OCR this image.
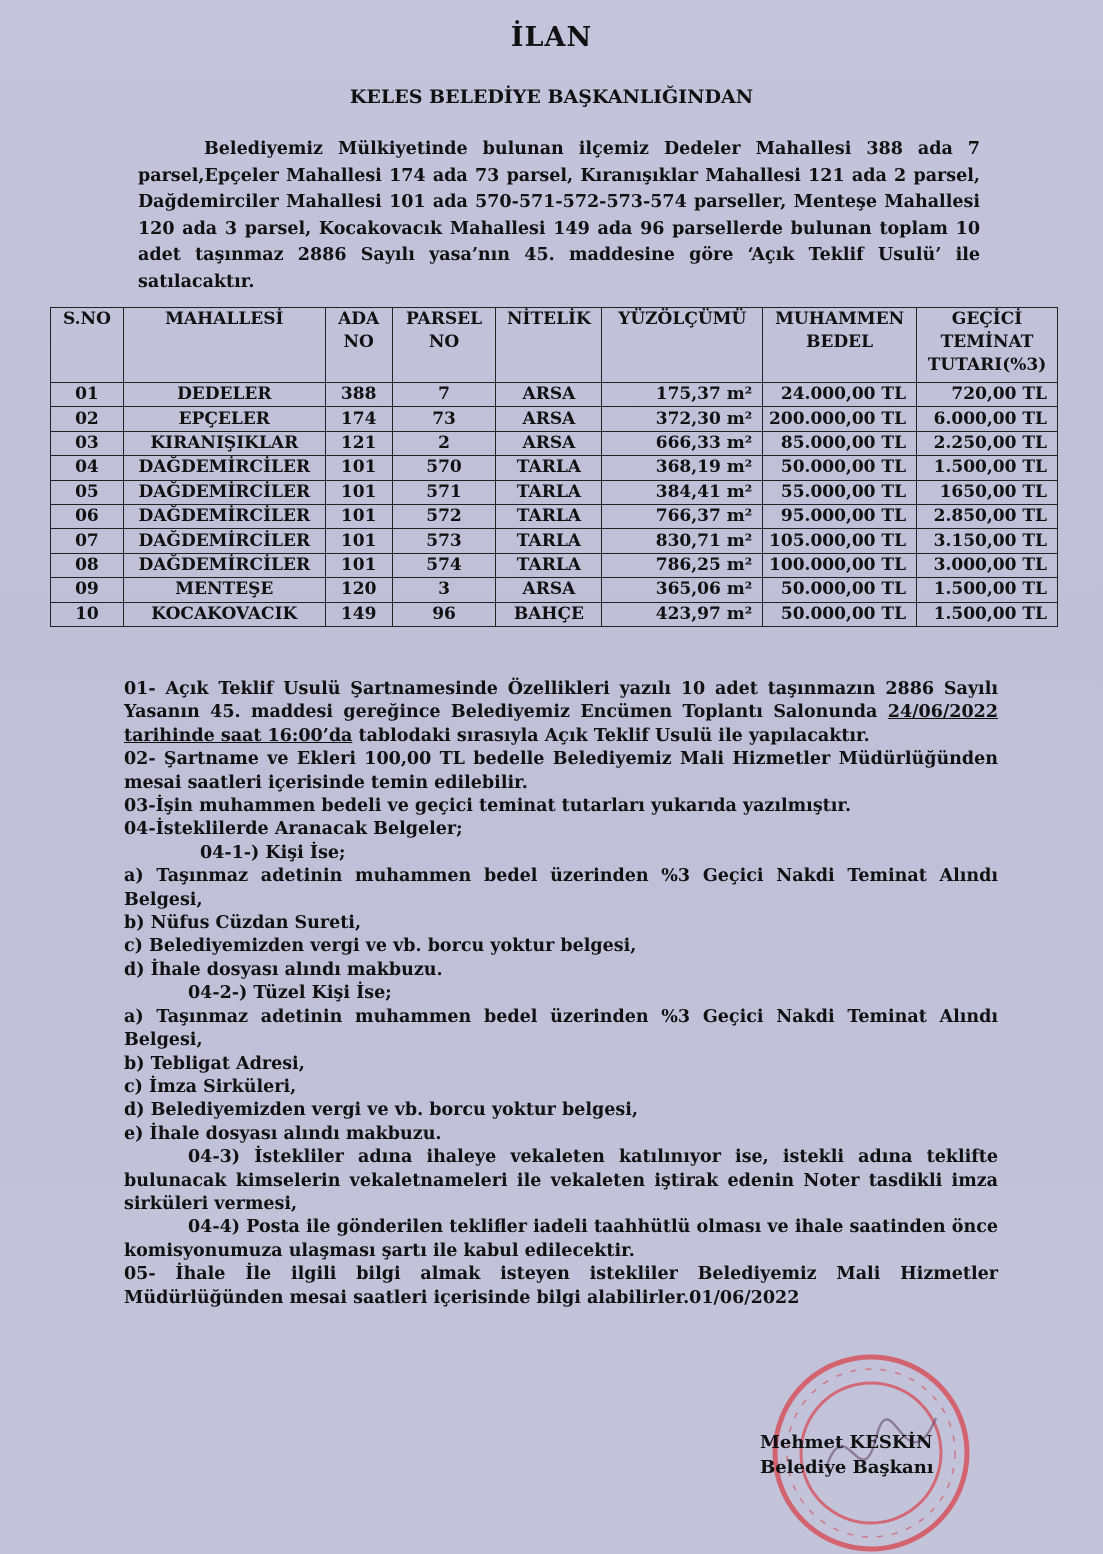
İLAN
KELES BELEDİYE BAŞKANLIĞINDAN
Belediyemiz Mülkiyetinde bulunan ilçemiz Dedeler Mahallesi 388 ada 7 parsel,Epçeler Mahallesi 174 ada 73 parsel, Kıranışıklar Mahallesi 121 ada 2 parsel, Dağdemirciler Mahallesi 101 ada 570-571-572-573-574 parseller, Menteşe Mahallesi 120 ada 3 parsel, Kocakovacık Mahallesi 149 ada 96 parsellerde bulunan toplam 10 adet taşınmaz 2886 Sayılı yasa’nın 45. maddesine göre ‘Açık Teklif Usulü’ ile satılacaktır.
S.NO	MAHALLESİ	ADA NO	PARSEL NO	NİTELİK	YÜZÖLÇÜMÜ	MUHAMMEN BEDEL	GEÇİCİ TEMİNAT TUTARI(%3)
01	DEDELER	388	7	ARSA	175,37 m²	24.000,00 TL	720,00 TL
02	EPÇELER	174	73	ARSA	372,30 m²	200.000,00 TL	6.000,00 TL
03	KIRANIŞIKLAR	121	2	ARSA	666,33 m²	85.000,00 TL	2.250,00 TL
04	DAĞDEMİRCİLER	101	570	TARLA	368,19 m²	50.000,00 TL	1.500,00 TL
05	DAĞDEMİRCİLER	101	571	TARLA	384,41 m²	55.000,00 TL	1650,00 TL
06	DAĞDEMİRCİLER	101	572	TARLA	766,37 m²	95.000,00 TL	2.850,00 TL
07	DAĞDEMİRCİLER	101	573	TARLA	830,71 m²	105.000,00 TL	3.150,00 TL
08	DAĞDEMİRCİLER	101	574	TARLA	786,25 m²	100.000,00 TL	3.000,00 TL
09	MENTEŞE	120	3	ARSA	365,06 m²	50.000,00 TL	1.500,00 TL
10	KOCAKOVACIK	149	96	BAHÇE	423,97 m²	50.000,00 TL	1.500,00 TL

01- Açık Teklif Usulü Şartnamesinde Özellikleri yazılı 10 adet taşınmazın 2886 Sayılı Yasanın 45. maddesi gereğince Belediyemiz Encümen Toplantı Salonunda 24/06/2022 tarihinde saat 16:00’da tablodaki sırasıyla Açık Teklif Usulü ile yapılacaktır.

02- Şartname ve Ekleri 100,00 TL bedelle Belediyemiz Mali Hizmetler Müdürlüğünden mesai saatleri içerisinde temin edilebilir.

03-İşin muhammen bedeli ve geçici teminat tutarları yukarıda yazılmıştır.

04-İsteklilerde Aranacak Belgeler;

04-1-) Kişi İse;

a) Taşınmaz adetinin muhammen bedel üzerinden %3 Geçici Nakdi Teminat Alındı Belgesi,

b) Nüfus Cüzdan Sureti,

c) Belediyemizden vergi ve vb. borcu yoktur belgesi,

d) İhale dosyası alındı makbuzu.

04-2-) Tüzel Kişi İse;

a) Taşınmaz adetinin muhammen bedel üzerinden %3 Geçici Nakdi Teminat Alındı Belgesi,

b) Tebligat Adresi,

c) İmza Sirküleri,

d) Belediyemizden vergi ve vb. borcu yoktur belgesi,

e) İhale dosyası alındı makbuzu.

04-3) İstekliler adına ihaleye vekaleten katılınıyor ise, istekli adına teklifte bulunacak kimselerin vekaletnameleri ile vekaleten iştirak edenin Noter tasdikli imza sirküleri vermesi,

04-4) Posta ile gönderilen teklifler iadeli taahhütlü olması ve ihale saatinden önce komisyonumuza ulaşması şartı ile kabul edilecektir.

05- İhale İle ilgili bilgi almak isteyen istekliler Belediyemiz Mali Hizmetler Müdürlüğünden mesai saatleri içerisinde bilgi alabilirler.01/06/2022

Mehmet KESKİN
Belediye Başkanı
